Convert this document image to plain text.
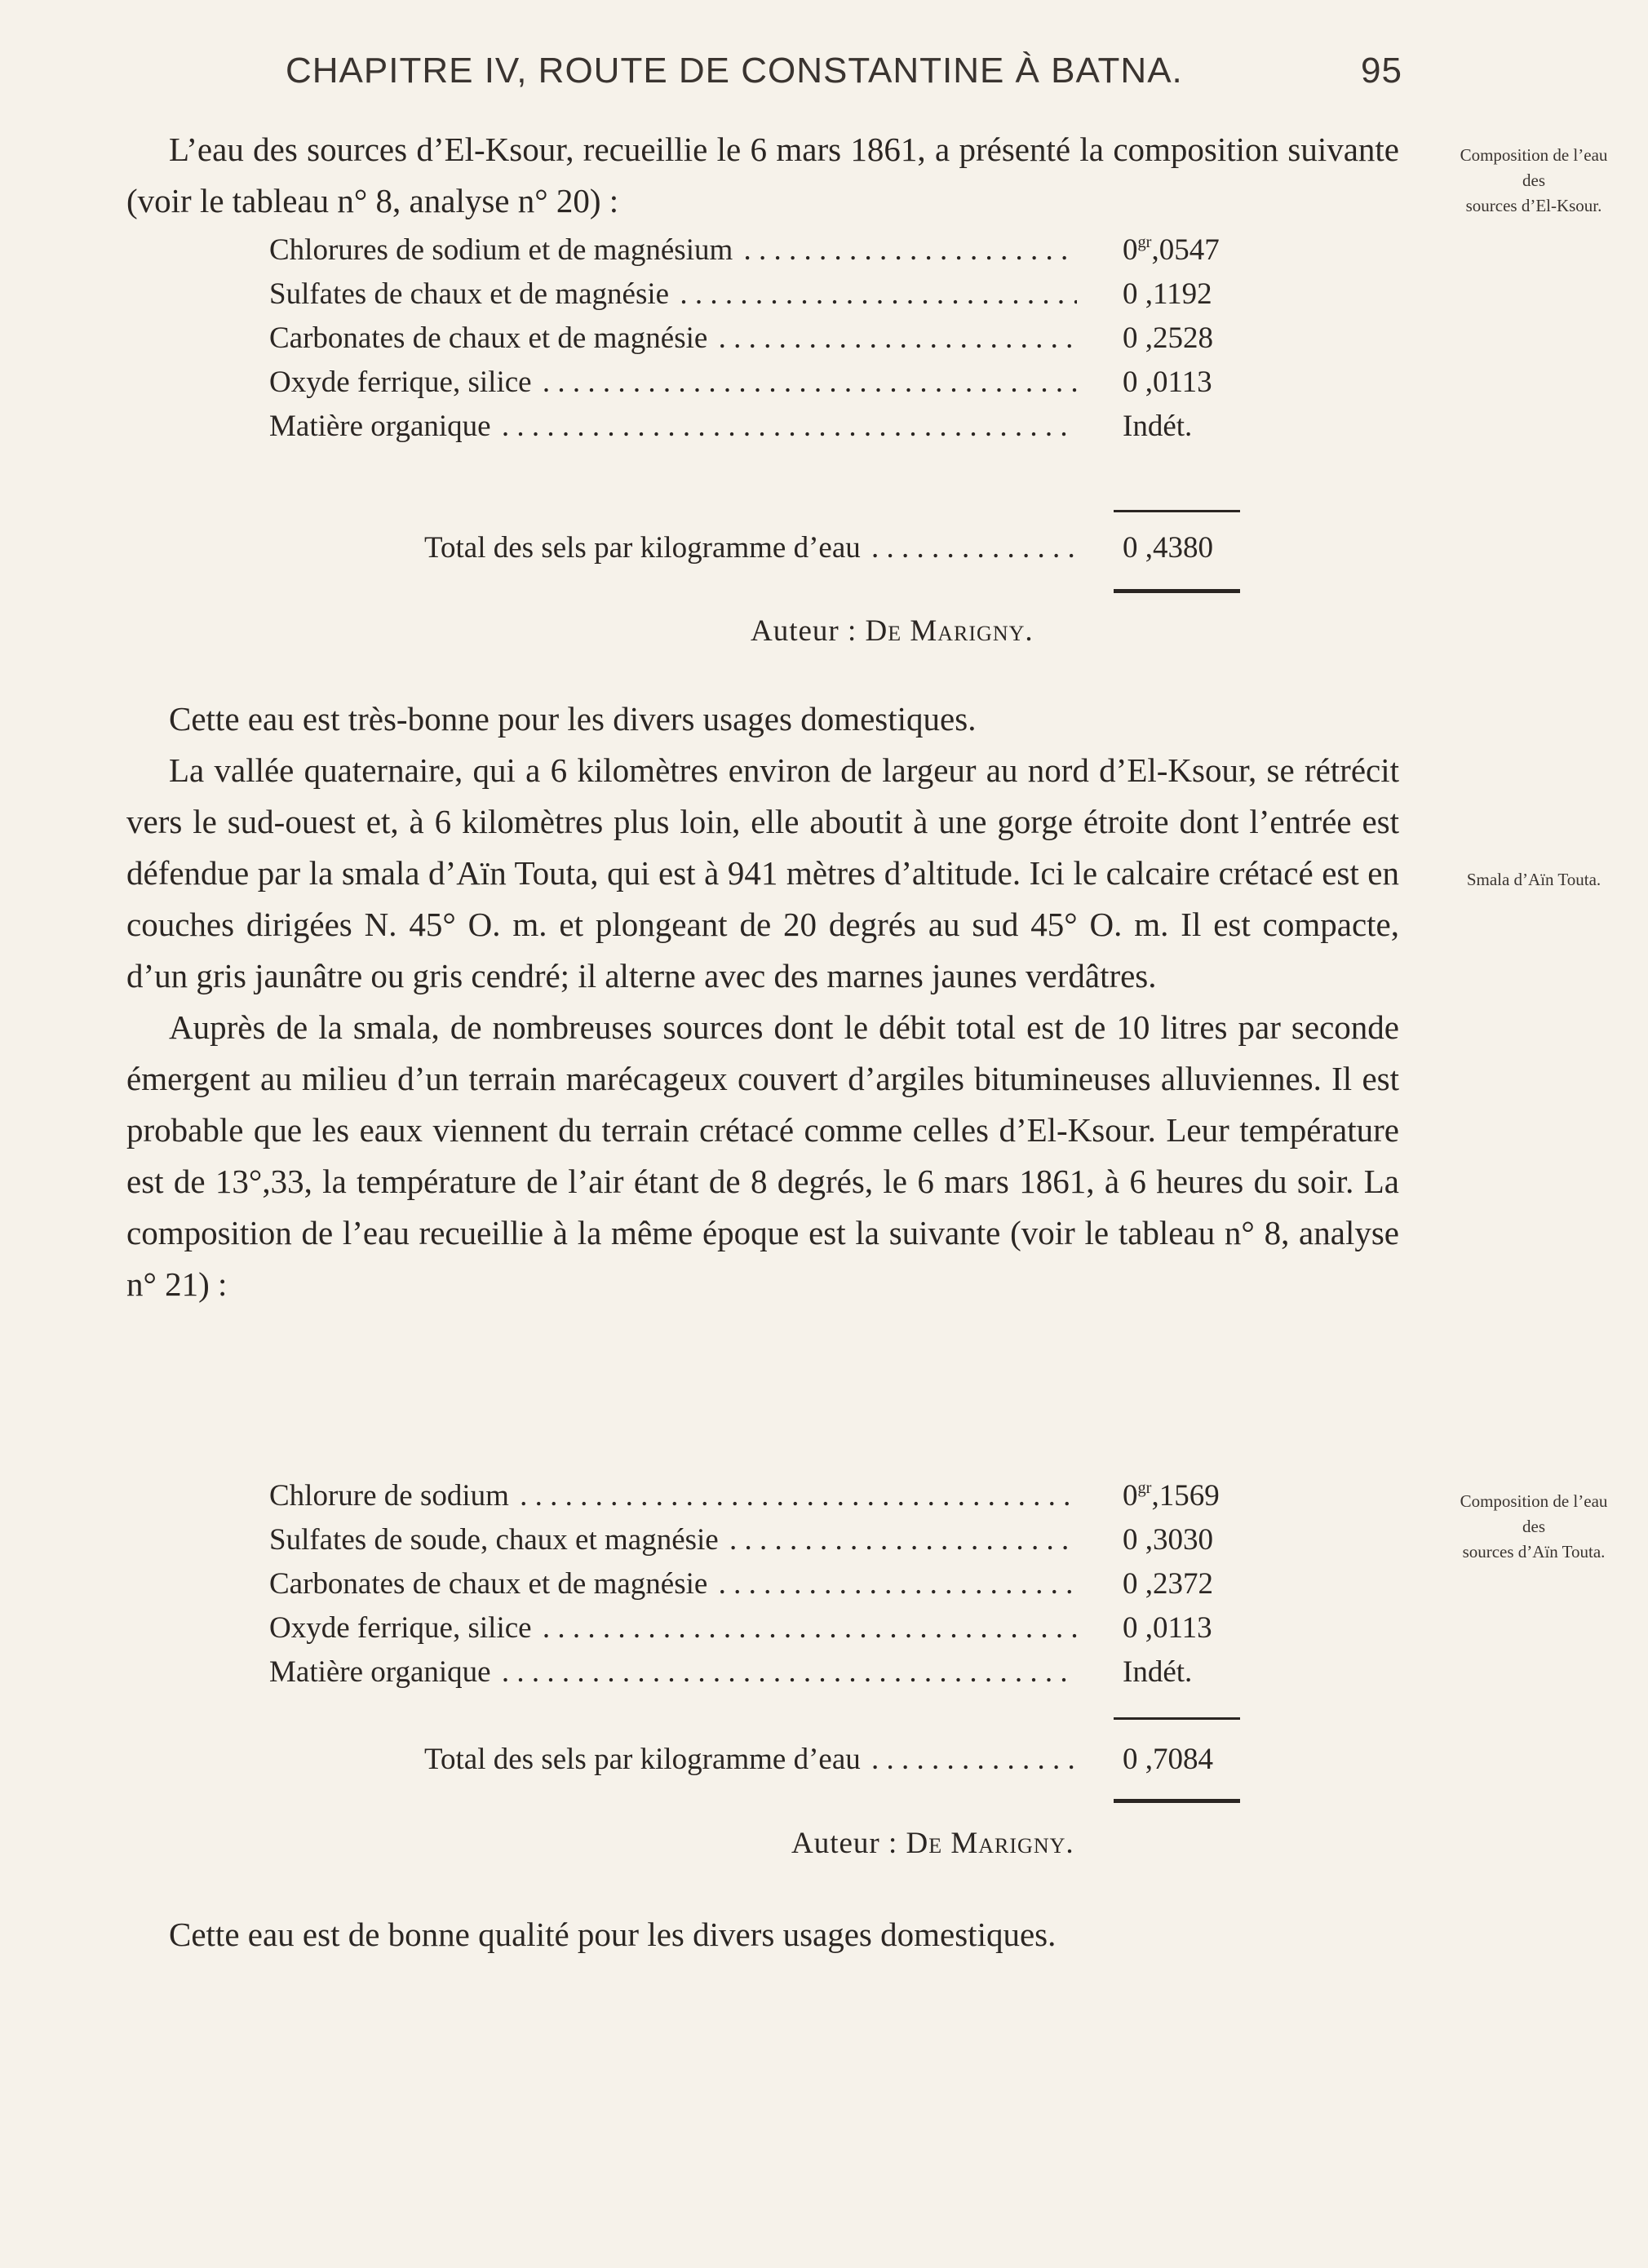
CHAPITRE IV, ROUTE DE CONSTANTINE À BATNA.	95

L’eau des sources d’El-Ksour, recueillie le 6 mars 1861, a présenté la composition suivante (voir le tableau n° 8, analyse n° 20) :

Composition de l’eau
des
sources d’El-Ksour.
Chlorures de sodium et de magnésium . . .	$0^{gr},0547$
Sulfates de chaux et de magnésie . . .	0 ,1192
Carbonates de chaux et de magnésie . . .	0 ,2528
Oxyde ferrique, silice . . .	0 ,0113
Matière organique . . .	Indét.
Total des sels par kilogramme d’eau . . .	0 ,4380
Auteur : De Marigny.

Cette eau est très-bonne pour les divers usages domestiques.

La vallée quaternaire, qui a 6 kilomètres environ de largeur au nord d’El-Ksour, se rétrécit vers le sud-ouest et, à 6 kilomètres plus loin, elle aboutit à une gorge étroite dont l’entrée est défendue par la smala d’Aïn Touta, qui est à 941 mètres d’altitude. Ici le calcaire crétacé est en couches dirigées N. 45° O. m. et plongeant de 20 degrés au sud 45° O. m. Il est compacte, d’un gris jaunâtre ou gris cendré; il alterne avec des marnes jaunes verdâtres.

Auprès de la smala, de nombreuses sources dont le débit total est de 10 litres par seconde émergent au milieu d’un terrain marécageux couvert d’argiles bitumineuses alluviennes. Il est probable que les eaux viennent du terrain crétacé comme celles d’El-Ksour. Leur température est de 13°,33, la température de l’air étant de 8 degrés, le 6 mars 1861, à 6 heures du soir. La composition de l’eau recueillie à la même époque est la suivante (voir le tableau n° 8, analyse n° 21) :

Smala d’Aïn Touta.
Composition de l’eau
des
sources d’Aïn Touta.
Chlorure de sodium . . .	$0^{gr},1569$
Sulfates de soude, chaux et magnésie . . .	0 ,3030
Carbonates de chaux et de magnésie . . .	0 ,2372
Oxyde ferrique, silice . . .	0 ,0113
Matière organique . . .	Indét.
Total des sels par kilogramme d’eau . . .	0 ,7084
Auteur : De Marigny.

Cette eau est de bonne qualité pour les divers usages domestiques.
